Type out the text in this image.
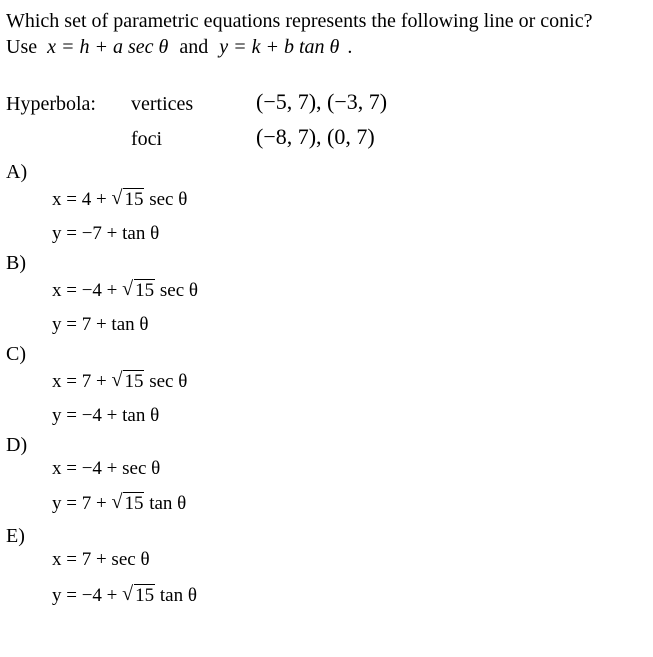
Which set of parametric equations represents the following line or conic?
Use x = h + a sec θ and y = k + b tan θ .
Hyperbola: vertices	(−5, 7), (−3, 7)
foci	(−8, 7), (0, 7)
A)
x = 4 + √ 15 sec θ
y = −7 + tan θ
B)
x = −4 + √ 15 sec θ
y = 7 + tan θ
C)
x = 7 + √ 15 sec θ
y = −4 + tan θ
D)
x = −4 + sec θ
y = 7 + √ 15 tan θ
E)
x = 7 + sec θ
y = −4 + √ 15 tan θ
